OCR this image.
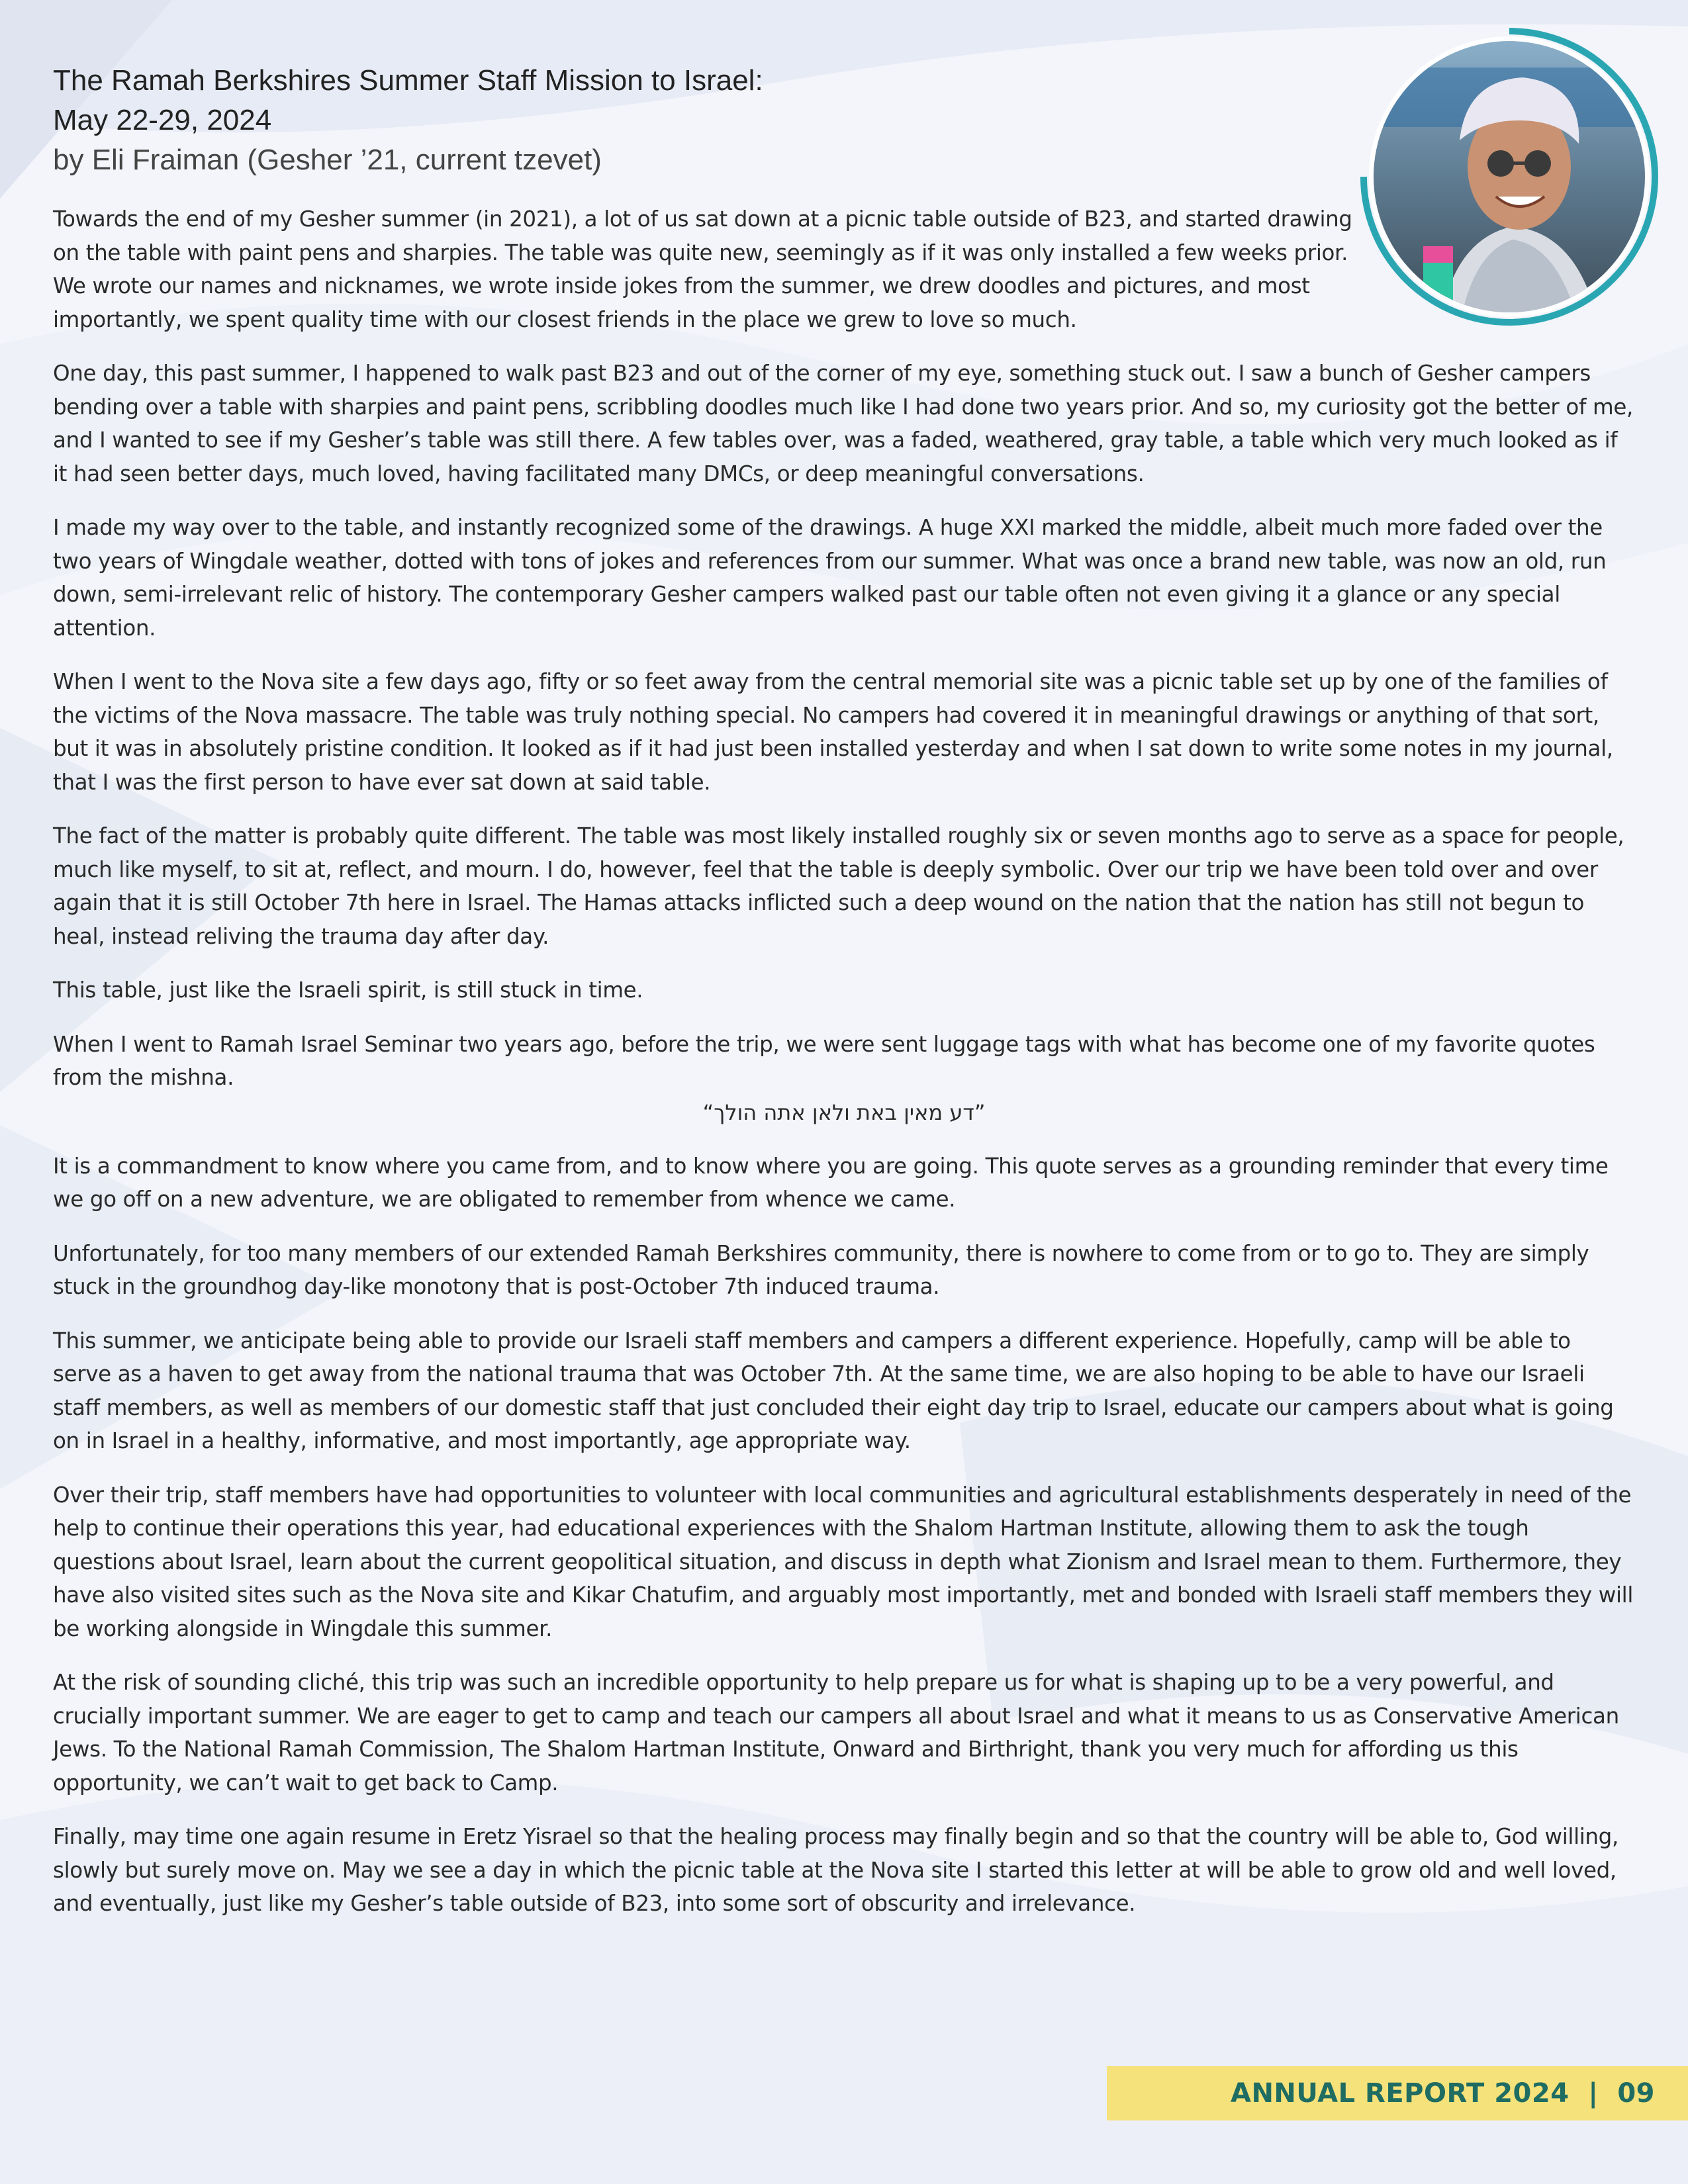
The Ramah Berkshires Summer Staff Mission to Israel:
May 22-29, 2024

by Eli Fraiman (Gesher ’21, current tzevet)

Towards the end of my Gesher summer (in 2021), a lot of us sat down at a picnic table outside of B23, and started drawing on the table with paint pens and sharpies. The table was quite new, seemingly as if it was only installed a few weeks prior. We wrote our names and nicknames, we wrote inside jokes from the summer, we drew doodles and pictures, and most importantly, we spent quality time with our closest friends in the place we grew to love so much.

One day, this past summer, I happened to walk past B23 and out of the corner of my eye, something stuck out. I saw a bunch of Gesher campers bending over a table with sharpies and paint pens, scribbling doodles much like I had done two years prior. And so, my curiosity got the better of me, and I wanted to see if my Gesher’s table was still there. A few tables over, was a faded, weathered, gray table, a table which very much looked as if it had seen better days, much loved, having facilitated many DMCs, or deep meaningful conversations.

I made my way over to the table, and instantly recognized some of the drawings. A huge XXI marked the middle, albeit much more faded over the two years of Wingdale weather, dotted with tons of jokes and references from our summer. What was once a brand new table, was now an old, run down, semi-irrelevant relic of history. The contemporary Gesher campers walked past our table often not even giving it a glance or any special attention.

When I went to the Nova site a few days ago, fifty or so feet away from the central memorial site was a picnic table set up by one of the families of the victims of the Nova massacre. The table was truly nothing special. No campers had covered it in meaningful drawings or anything of that sort, but it was in absolutely pristine condition. It looked as if it had just been installed yesterday and when I sat down to write some notes in my journal, that I was the first person to have ever sat down at said table.

The fact of the matter is probably quite different. The table was most likely installed roughly six or seven months ago to serve as a space for people, much like myself, to sit at, reflect, and mourn. I do, however, feel that the table is deeply symbolic. Over our trip we have been told over and over again that it is still October 7th here in Israel. The Hamas attacks inflicted such a deep wound on the nation that the nation has still not begun to heal, instead reliving the trauma day after day.

This table, just like the Israeli spirit, is still stuck in time.

When I went to Ramah Israel Seminar two years ago, before the trip, we were sent luggage tags with what has become one of my favorite quotes from the mishna.

”דע מאין באת ולאן אתה הולך“

It is a commandment to know where you came from, and to know where you are going. This quote serves as a grounding reminder that every time we go off on a new adventure, we are obligated to remember from whence we came.

Unfortunately, for too many members of our extended Ramah Berkshires community, there is nowhere to come from or to go to. They are simply stuck in the groundhog day-like monotony that is post-October 7th induced trauma.

This summer, we anticipate being able to provide our Israeli staff members and campers a different experience. Hopefully, camp will be able to serve as a haven to get away from the national trauma that was October 7th. At the same time, we are also hoping to be able to have our Israeli staff members, as well as members of our domestic staff that just concluded their eight day trip to Israel, educate our campers about what is going on in Israel in a healthy, informative, and most importantly, age appropriate way.

Over their trip, staff members have had opportunities to volunteer with local communities and agricultural establishments desperately in need of the help to continue their operations this year, had educational experiences with the Shalom Hartman Institute, allowing them to ask the tough questions about Israel, learn about the current geopolitical situation, and discuss in depth what Zionism and Israel mean to them. Furthermore, they have also visited sites such as the Nova site and Kikar Chatufim, and arguably most importantly, met and bonded with Israeli staff members they will be working alongside in Wingdale this summer.

At the risk of sounding cliché, this trip was such an incredible opportunity to help prepare us for what is shaping up to be a very powerful, and crucially important summer. We are eager to get to camp and teach our campers all about Israel and what it means to us as Conservative American Jews. To the National Ramah Commission, The Shalom Hartman Institute, Onward and Birthright, thank you very much for affording us this opportunity, we can’t wait to get back to Camp.

Finally, may time one again resume in Eretz Yisrael so that the healing process may finally begin and so that the country will be able to, God willing, slowly but surely move on. May we see a day in which the picnic table at the Nova site I started this letter at will be able to grow old and well loved, and eventually, just like my Gesher’s table outside of B23, into some sort of obscurity and irrelevance.

ANNUAL REPORT 2024  |  09
